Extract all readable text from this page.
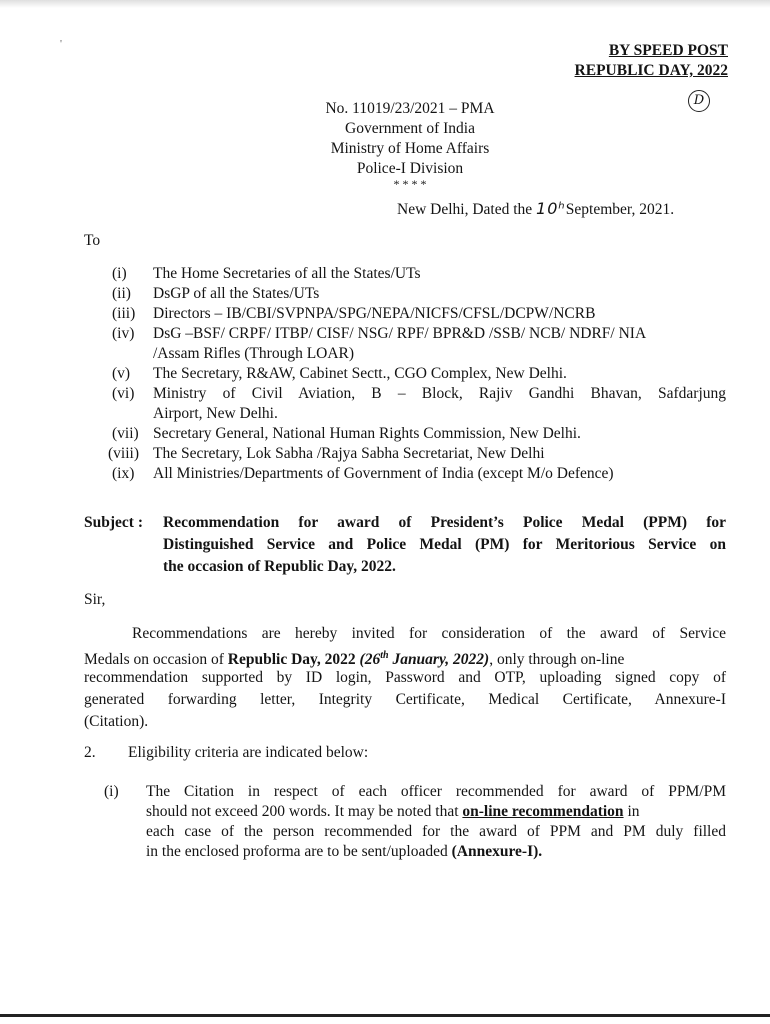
'	BY SPEED POST
REPUBLIC DAY, 2022
D
No. 11019/23/2021 – PMA
Government of India
Ministry of Home Affairs
Police-I Division
* * * *
New Delhi, Dated the 10ʰSeptember, 2021.
To
(i) The Home Secretaries of all the States/UTs
(ii) DsGP of all the States/UTs
(iii) Directors – IB/CBI/SVPNPA/SPG/NEPA/NICFS/CFSL/DCPW/NCRB
(iv) DsG –BSF/ CRPF/ ITBP/ CISF/ NSG/ RPF/ BPR&D /SSB/ NCB/ NDRF/ NIA
/Assam Rifles (Through LOAR)
(v) The Secretary, R&AW, Cabinet Sectt., CGO Complex, New Delhi.
(vi) Ministry of Civil Aviation, B – Block, Rajiv Gandhi Bhavan, Safdarjung
Airport, New Delhi.
(vii) Secretary General, National Human Rights Commission, New Delhi.
(viii) The Secretary, Lok Sabha /Rajya Sabha Secretariat, New Delhi
(ix) All Ministries/Departments of Government of India (except M/o Defence)
Subject : Recommendation for award of President’s Police Medal (PPM) for
Distinguished Service and Police Medal (PM) for Meritorious Service on
the occasion of Republic Day, 2022.
Sir,
Recommendations are hereby invited for consideration of the award of Service
Medals on occasion of Republic Day, 2022 (26th January, 2022), only through on-line
recommendation supported by ID login, Password and OTP, uploading signed copy of
generated forwarding letter, Integrity Certificate, Medical Certificate, Annexure-I
(Citation).
2. Eligibility criteria are indicated below:
(i) The Citation in respect of each officer recommended for award of PPM/PM
should not exceed 200 words. It may be noted that on-line recommendation in
each case of the person recommended for the award of PPM and PM duly filled
in the enclosed proforma are to be sent/uploaded (Annexure-I).
